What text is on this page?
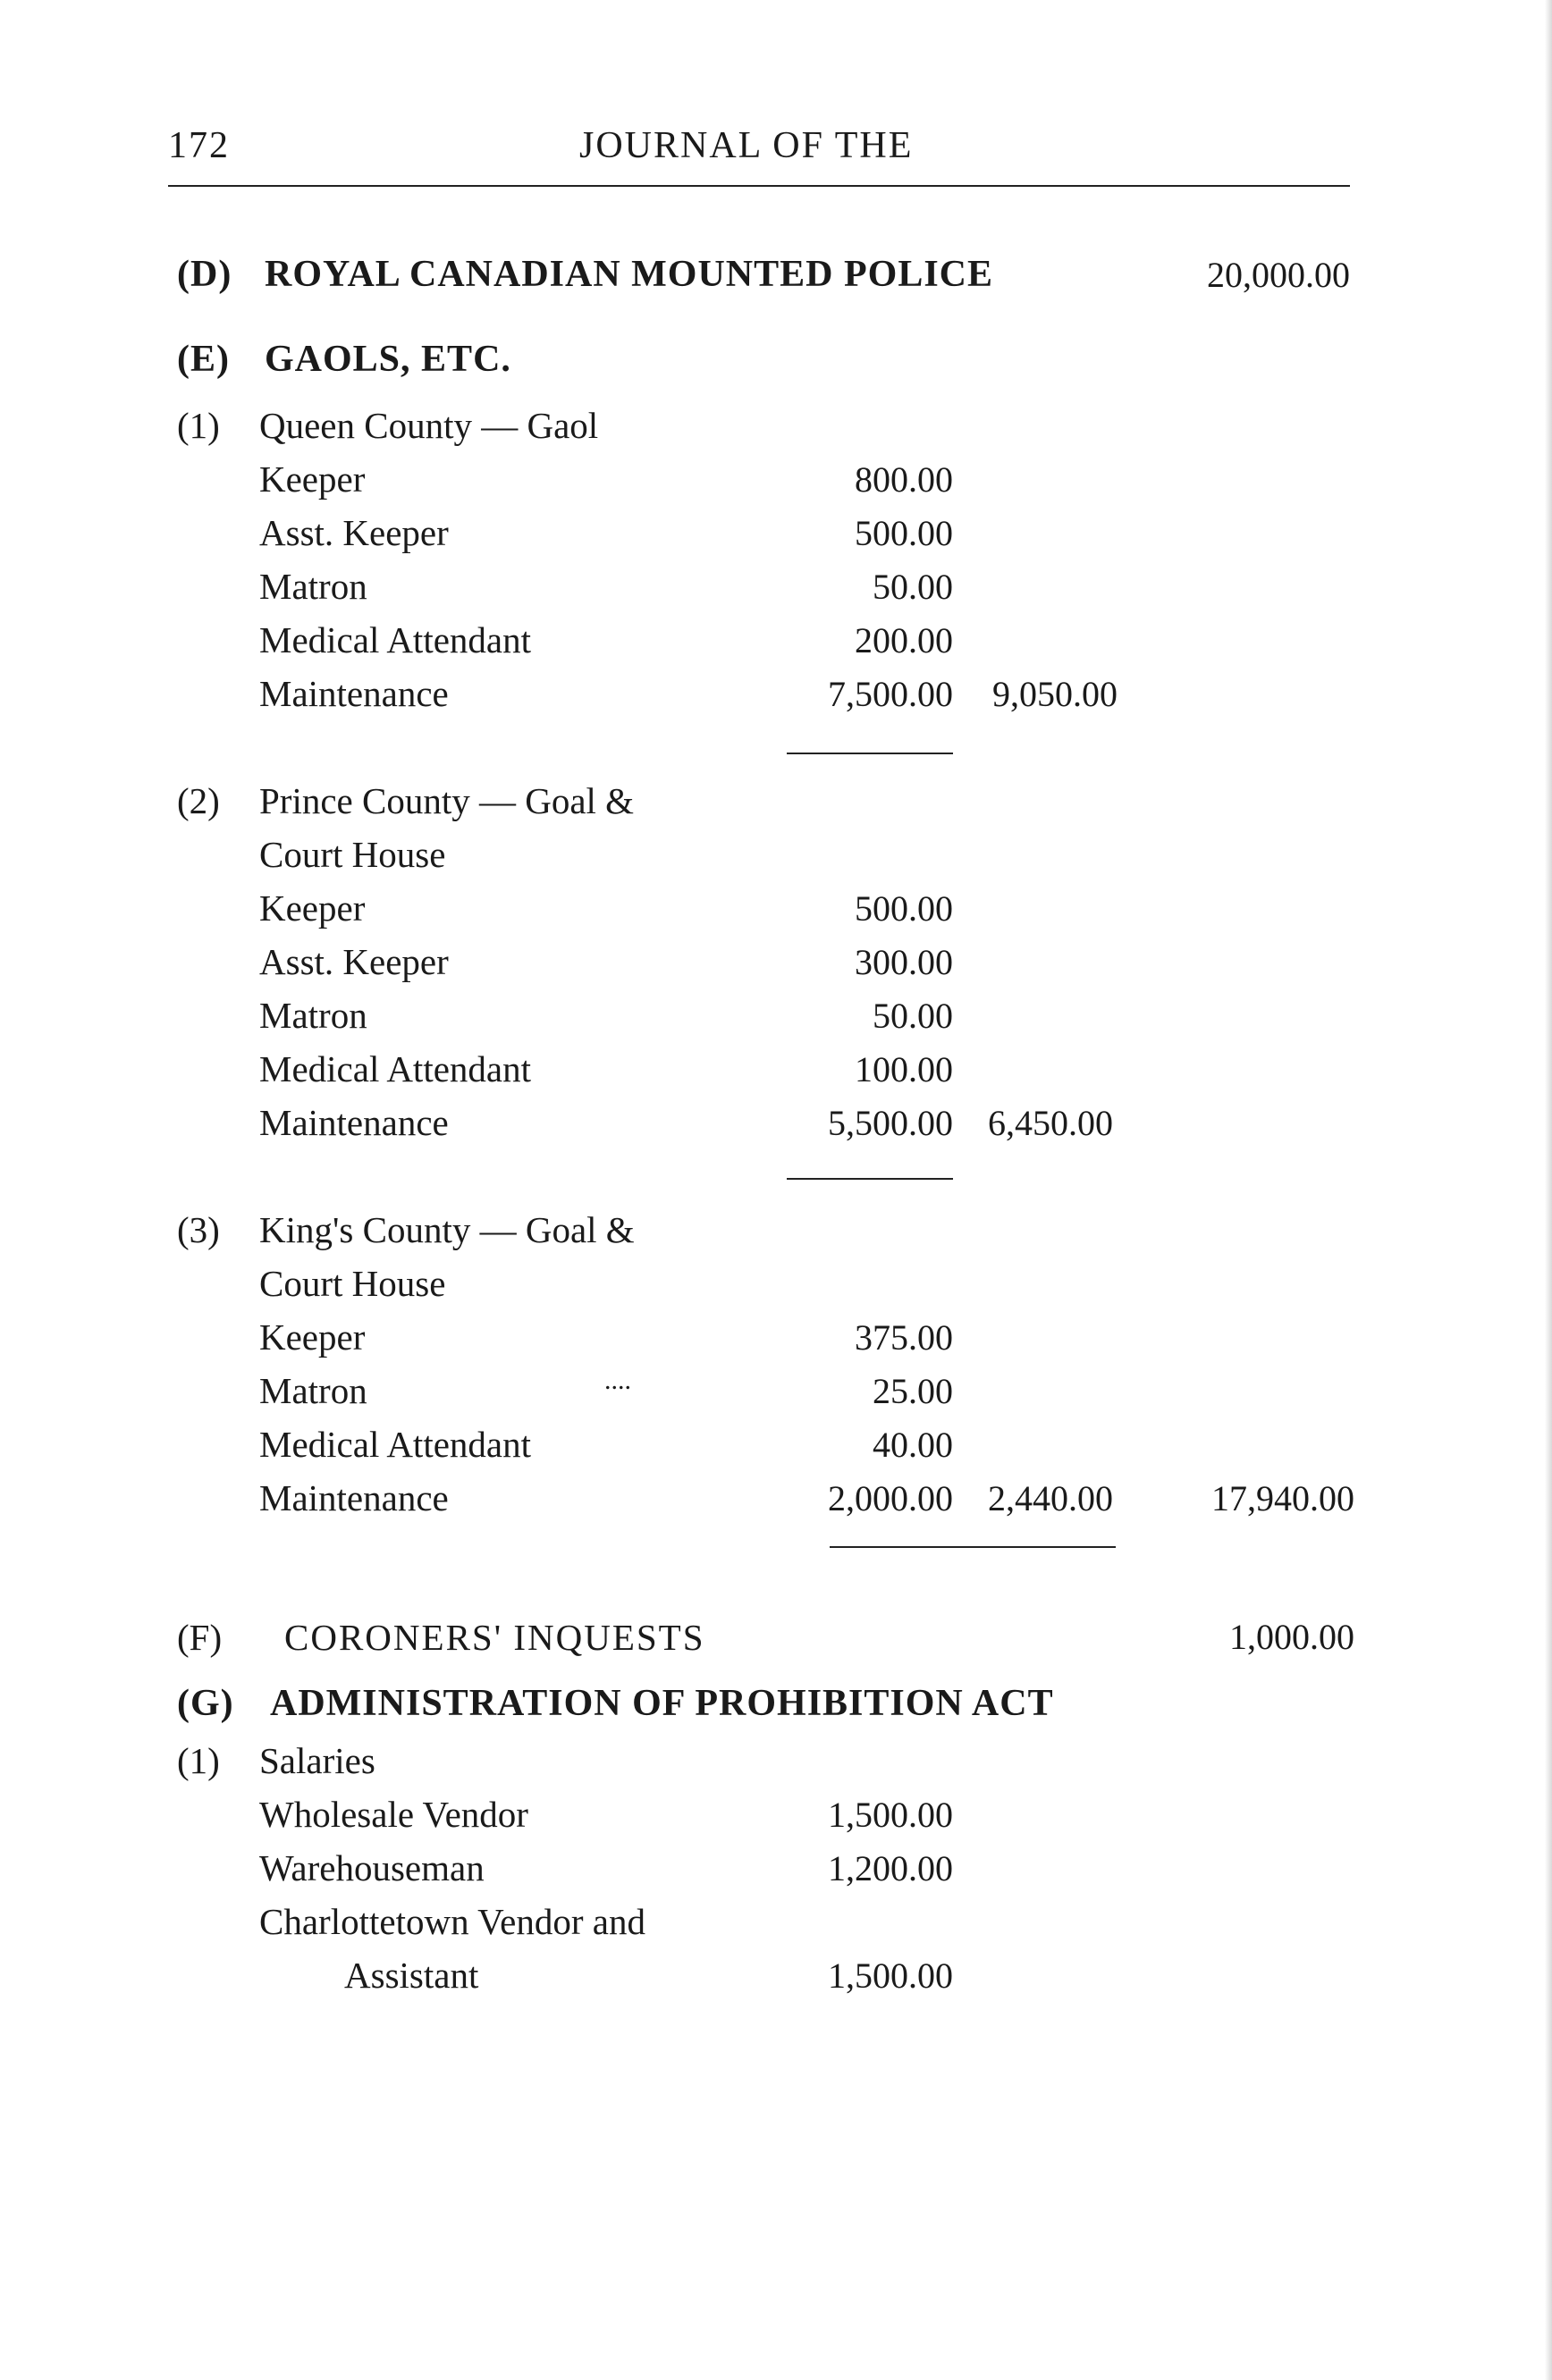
172	JOURNAL OF THE
(D) ROYAL CANADIAN MOUNTED POLICE	20,000.00
(E) GAOLS, ETC.
(1) Queen County — Gaol
Keeper	800.00
Asst. Keeper	500.00
Matron	50.00
Medical Attendant	200.00
Maintenance	7,500.00	9,050.00
(2) Prince County — Goal &
Court House
Keeper	500.00
Asst. Keeper	300.00
Matron	50.00
Medical Attendant	100.00
Maintenance	5,500.00 6,450.00
(3) King's County — Goal &
Court House
Keeper	375.00
Matron	....	25.00
Medical Attendant	40.00
Maintenance	2,000.00 2,440.00	17,940.00
(F) CORONERS' INQUESTS	1,000.00
(G) ADMINISTRATION OF PROHIBITION ACT
(1) Salaries
Wholesale Vendor	1,500.00
Warehouseman	1,200.00
Charlottetown Vendor and
Assistant	1,500.00
